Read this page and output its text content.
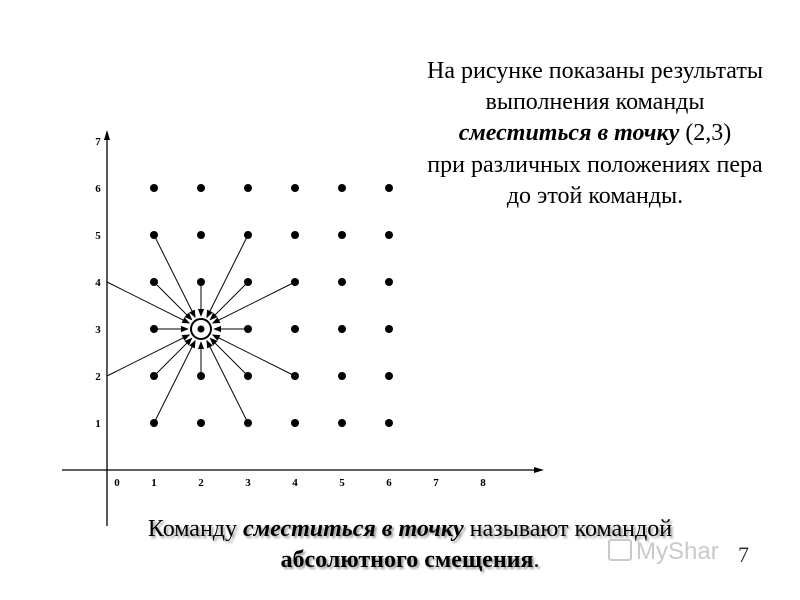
0	1	2	3	4	5	6	7	8
1
2
3
4
5
6
7
На рисунке показаны результаты
выполнения команды
сместиться в точку (2,3)
при различных положениях пера
до этой команды.
Команду сместиться в точку называют командой
абсолютного смещения.	MyShar 7
